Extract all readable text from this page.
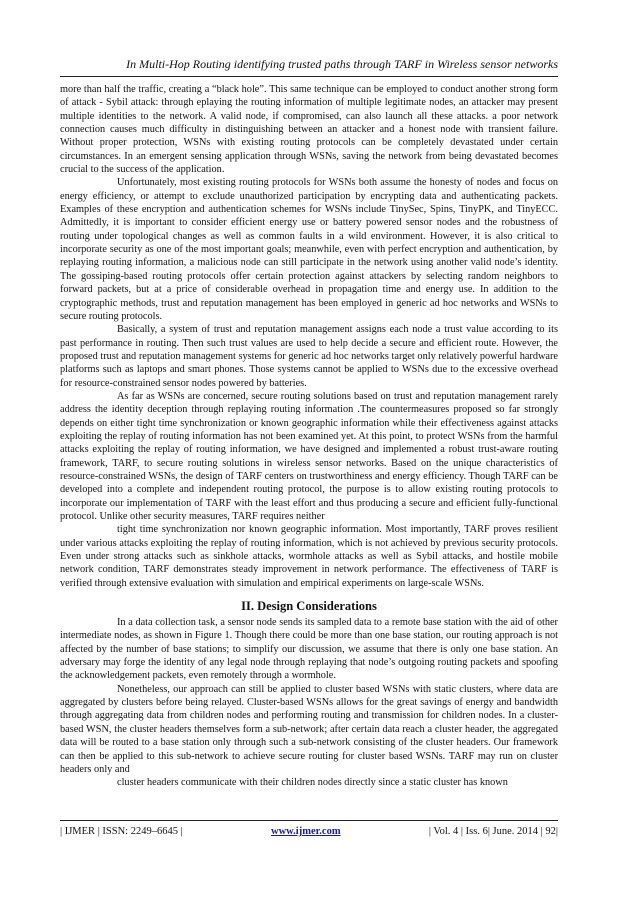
In Multi-Hop Routing identifying trusted paths through TARF in Wireless sensor networks

more than half the traffic, creating a “black hole”. This same technique can be employed to conduct another strong form of attack - Sybil attack: through eplaying the routing information of multiple legitimate nodes, an attacker may present multiple identities to the network. A valid node, if compromised, can also launch all these attacks. a poor network connection causes much difficulty in distinguishing between an attacker and a honest node with transient failure. Without proper protection, WSNs with existing routing protocols can be completely devastated under certain circumstances. In an emergent sensing application through WSNs, saving the network from being devastated becomes crucial to the success of the application.

Unfortunately, most existing routing protocols for WSNs both assume the honesty of nodes and focus on energy efficiency, or attempt to exclude unauthorized participation by encrypting data and authenticating packets. Examples of these encryption and authentication schemes for WSNs include TinySec, Spins, TinyPK, and TinyECC. Admittedly, it is important to consider efficient energy use or battery powered sensor nodes and the robustness of routing under topological changes as well as common faults in a wild environment. However, it is also critical to incorporate security as one of the most important goals; meanwhile, even with perfect encryption and authentication, by replaying routing information, a malicious node can still participate in the network using another valid node’s identity. The gossiping-based routing protocols offer certain protection against attackers by selecting random neighbors to forward packets, but at a price of considerable overhead in propagation time and energy use. In addition to the cryptographic methods, trust and reputation management has been employed in generic ad hoc networks and WSNs to secure routing protocols.

Basically, a system of trust and reputation management assigns each node a trust value according to its past performance in routing. Then such trust values are used to help decide a secure and efficient route. However, the proposed trust and reputation management systems for generic ad hoc networks target only relatively powerful hardware platforms such as laptops and smart phones. Those systems cannot be applied to WSNs due to the excessive overhead for resource-constrained sensor nodes powered by batteries.

As far as WSNs are concerned, secure routing solutions based on trust and reputation management rarely address the identity deception through replaying routing information .The countermeasures proposed so far strongly depends on either tight time synchronization or known geographic information while their effectiveness against attacks exploiting the replay of routing information has not been examined yet. At this point, to protect WSNs from the harmful attacks exploiting the replay of routing information, we have designed and implemented a robust trust-aware routing framework, TARF, to secure routing solutions in wireless sensor networks. Based on the unique characteristics of resource-constrained WSNs, the design of TARF centers on trustworthiness and energy efficiency. Though TARF can be developed into a complete and independent routing protocol, the purpose is to allow existing routing protocols to incorporate our implementation of TARF with the least effort and thus producing a secure and efficient fully-functional protocol. Unlike other security measures, TARF requires neither

tight time synchronization nor known geographic information. Most importantly, TARF proves resilient under various attacks exploiting the replay of routing information, which is not achieved by previous security protocols. Even under strong attacks such as sinkhole attacks, wormhole attacks as well as Sybil attacks, and hostile mobile network condition, TARF demonstrates steady improvement in network performance. The effectiveness of TARF is verified through extensive evaluation with simulation and empirical experiments on large-scale WSNs.

II. Design Considerations

In a data collection task, a sensor node sends its sampled data to a remote base station with the aid of other intermediate nodes, as shown in Figure 1. Though there could be more than one base station, our routing approach is not affected by the number of base stations; to simplify our discussion, we assume that there is only one base station. An adversary may forge the identity of any legal node through replaying that node’s outgoing routing packets and spoofing the acknowledgement packets, even remotely through a wormhole.

Nonetheless, our approach can still be applied to cluster based WSNs with static clusters, where data are aggregated by clusters before being relayed. Cluster-based WSNs allows for the great savings of energy and bandwidth through aggregating data from children nodes and performing routing and transmission for children nodes. In a cluster-based WSN, the cluster headers themselves form a sub-network; after certain data reach a cluster header, the aggregated data will be routed to a base station only through such a sub-network consisting of the cluster headers. Our framework can then be applied to this sub-network to achieve secure routing for cluster based WSNs. TARF may run on cluster headers only and

cluster headers communicate with their children nodes directly since a static cluster has known

| IJMER | ISSN: 2249–6645 |	www.ijmer.com	| Vol. 4 | Iss. 6| June. 2014 | 92|
